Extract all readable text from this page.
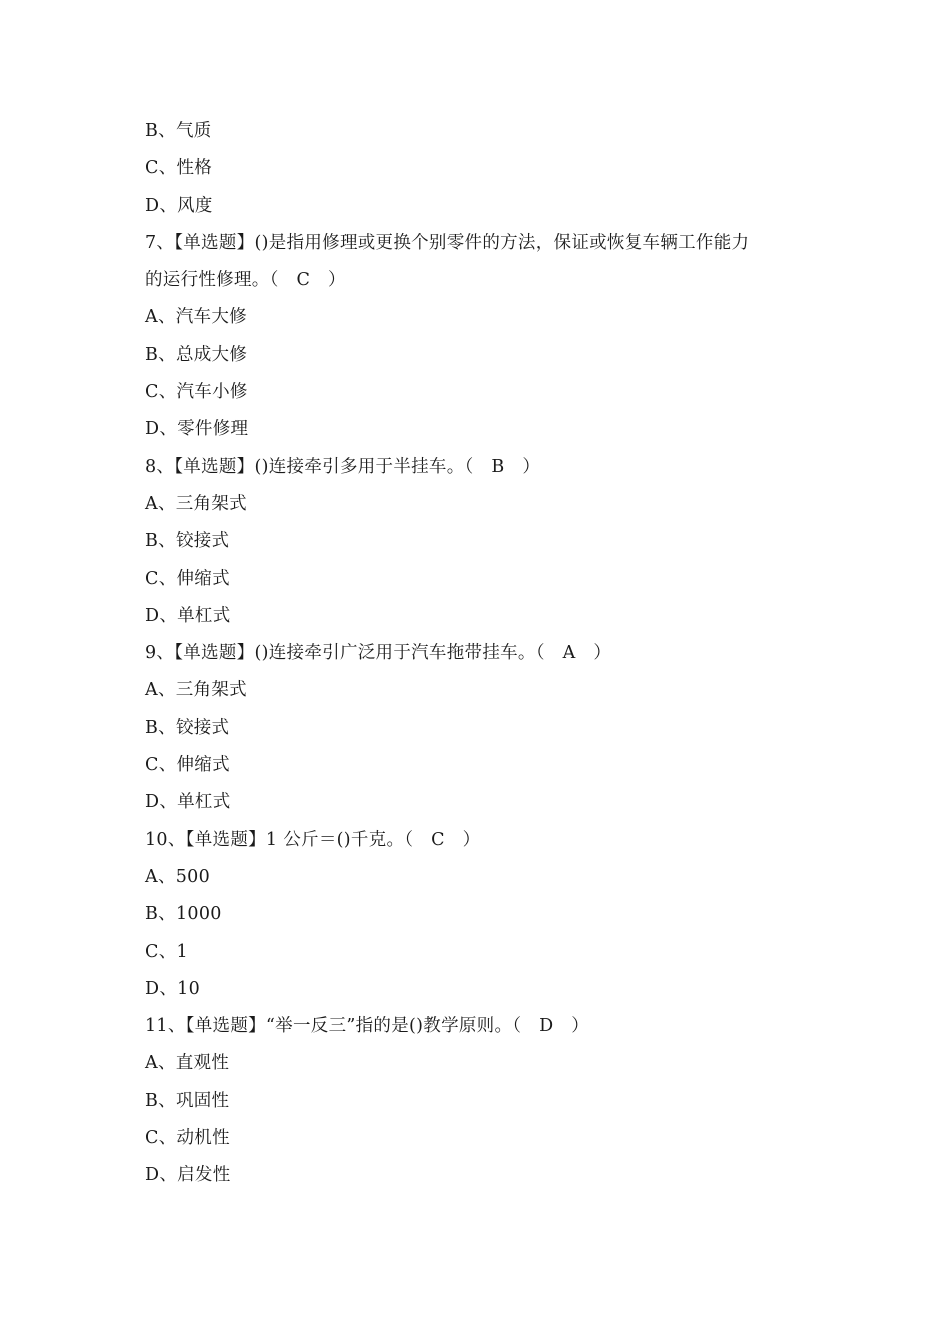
B、气质
C、性格
D、风度
7、【单选题】()是指用修理或更换个别零件的方法，保证或恢复车辆工作能力
的运行性修理。（　C　）
A、汽车大修
B、总成大修
C、汽车小修
D、零件修理
8、【单选题】()连接牵引多用于半挂车。（　B　）
A、三角架式
B、铰接式
C、伸缩式
D、单杠式
9、【单选题】()连接牵引广泛用于汽车拖带挂车。（　A　）
A、三角架式
B、铰接式
C、伸缩式
D、单杠式
10、【单选题】1 公斤＝()千克。（　C　）
A、500
B、1000
C、1
D、10
11、【单选题】“举一反三”指的是()教学原则。（　D　）
A、直观性
B、巩固性
C、动机性
D、启发性
